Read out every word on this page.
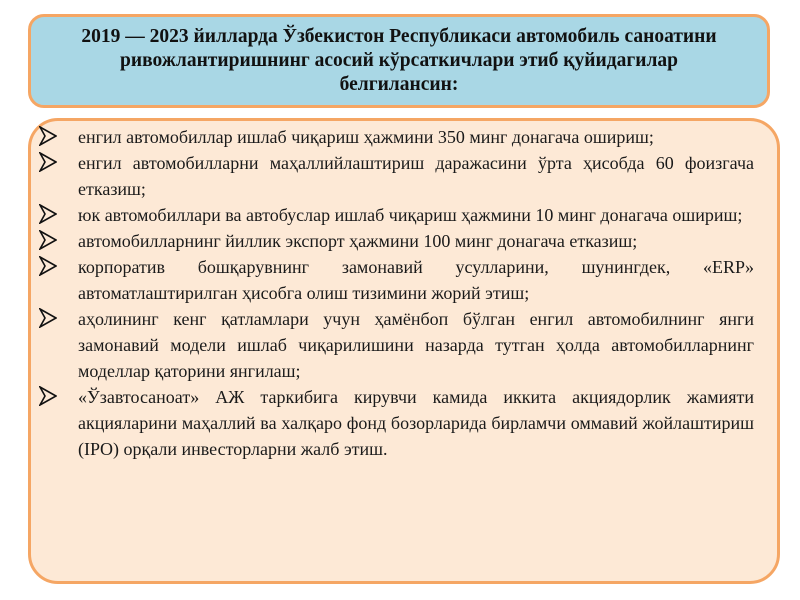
2019 — 2023 йилларда Ўзбекистон Республикаси автомобиль саноатини ривожлантиришнинг асосий кўрсаткичлари этиб қуйидагилар белгилансин:
енгил автомобиллар ишлаб чиқариш ҳажмини 350 минг донагача ошириш;
енгил автомобилларни маҳаллийлаштириш даражасини ўрта ҳисобда 60 фоизгача етказиш;
юк автомобиллари ва автобуслар ишлаб чиқариш ҳажмини 10 минг донагача ошириш;
автомобилларнинг йиллик экспорт ҳажмини 100 минг донагача етказиш;
корпоратив бошқарувнинг замонавий усулларини, шунингдек, «ERP» автоматлаштирилган ҳисобга олиш тизимини жорий этиш;
аҳолининг кенг қатламлари учун ҳамёнбоп бўлган енгил автомобилнинг янги замонавий модели ишлаб чиқарилишини назарда тутган ҳолда автомобилларнинг моделлар қаторини янгилаш;
«Ўзавтосаноат» АЖ таркибига кирувчи камида иккита акциядорлик жамияти акцияларини маҳаллий ва халқаро фонд бозорларида бирламчи оммавий жойлаштириш (IPO) орқали инвесторларни жалб этиш.
